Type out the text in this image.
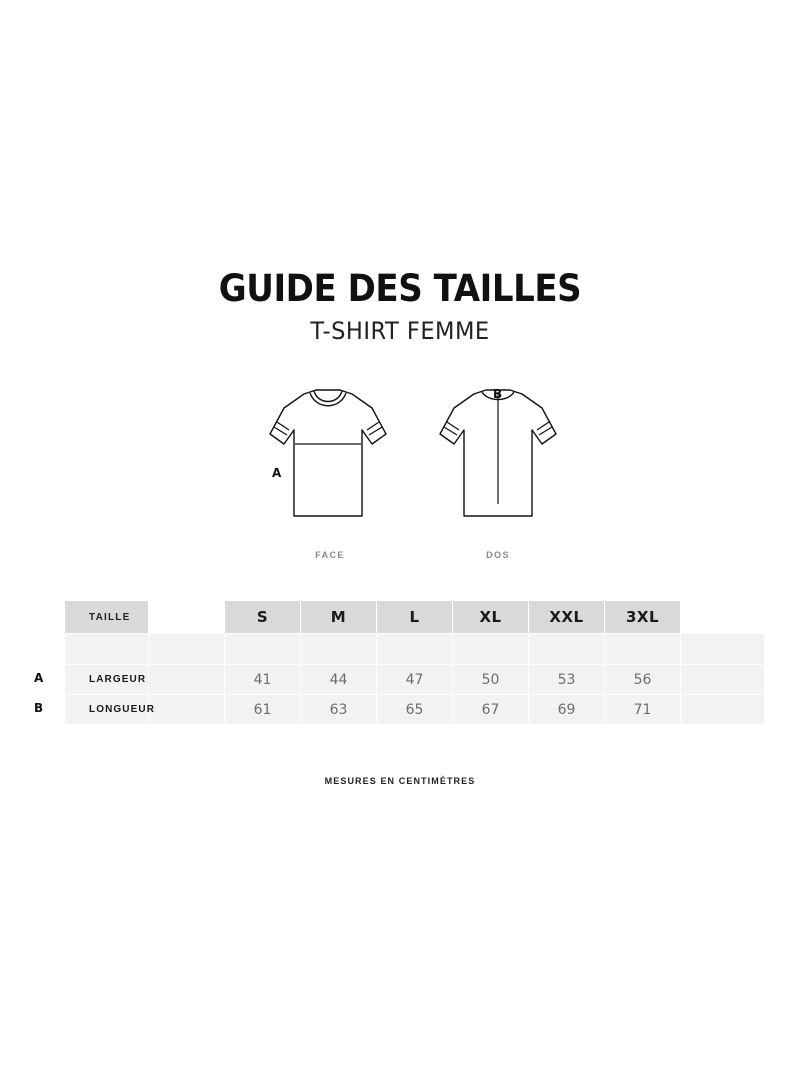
GUIDE DES TAILLES
T-SHIRT FEMME
FACE	DOS
A
B
TAILLE		S	M	L	XL	XXL	3XL	

LARGEUR		41	44	47	50	53	56	
LONGUEUR		61	63	65	67	69	71	
A
B
MESURES EN CENTIMÈTRES
